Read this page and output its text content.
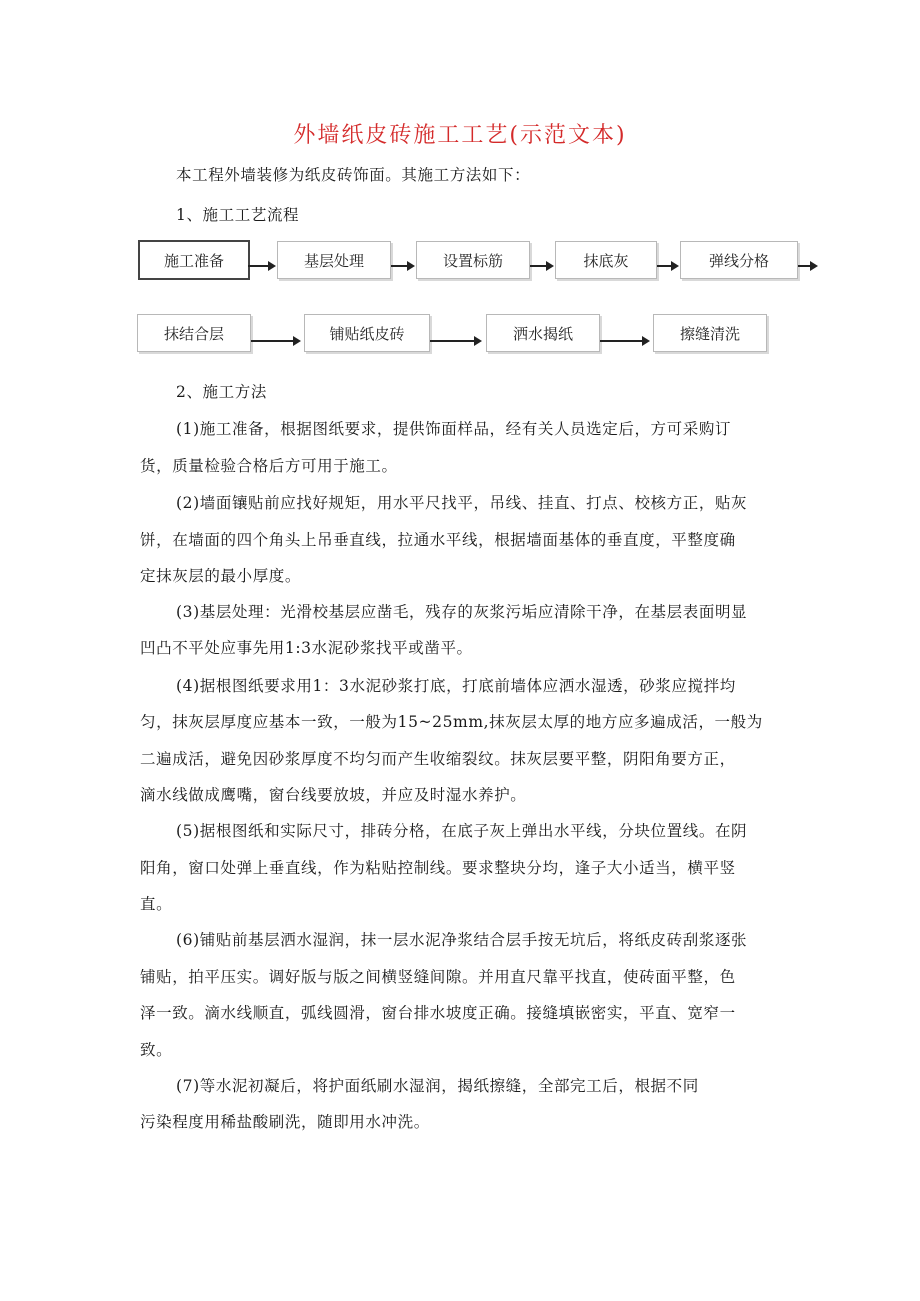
外墙纸皮砖施工工艺(示范文本)
本工程外墙装修为纸皮砖饰面。其施工方法如下：
1、施工工艺流程
施工准备	基层处理	设置标筋	抹底灰	弹线分格
抹结合层	铺贴纸皮砖	洒水揭纸	擦缝清洗
2、施工方法
(1)施工准备，根据图纸要求，提供饰面样品，经有关人员选定后，方可采购订
货，质量检验合格后方可用于施工。
(2)墙面镶贴前应找好规矩，用水平尺找平，吊线、挂直、打点、校核方正，贴灰
饼，在墙面的四个角头上吊垂直线，拉通水平线，根据墙面基体的垂直度，平整度确
定抹灰层的最小厚度。
(3)基层处理：光滑校基层应凿毛，残存的灰浆污垢应清除干净，在基层表面明显
凹凸不平处应事先用1:3水泥砂浆找平或凿平。
(4)据根图纸要求用1：3水泥砂浆打底，打底前墙体应洒水湿透，砂浆应搅拌均
匀，抹灰层厚度应基本一致，一般为15~25mm,抹灰层太厚的地方应多遍成活，一般为
二遍成活，避免因砂浆厚度不均匀而产生收缩裂纹。抹灰层要平整，阴阳角要方正，
滴水线做成鹰嘴，窗台线要放坡，并应及时湿水养护。
(5)据根图纸和实际尺寸，排砖分格，在底子灰上弹出水平线，分块位置线。在阴
阳角，窗口处弹上垂直线，作为粘贴控制线。要求整块分均，逢子大小适当，横平竖
直。
(6)铺贴前基层洒水湿润，抹一层水泥净浆结合层手按无坑后，将纸皮砖刮浆逐张
铺贴，拍平压实。调好版与版之间横竖缝间隙。并用直尺靠平找直，使砖面平整，色
泽一致。滴水线顺直，弧线圆滑，窗台排水坡度正确。接缝填嵌密实，平直、宽窄一
致。
(7)等水泥初凝后，将护面纸刷水湿润，揭纸擦缝，全部完工后，根据不同
污染程度用稀盐酸刷洗，随即用水冲洗。
